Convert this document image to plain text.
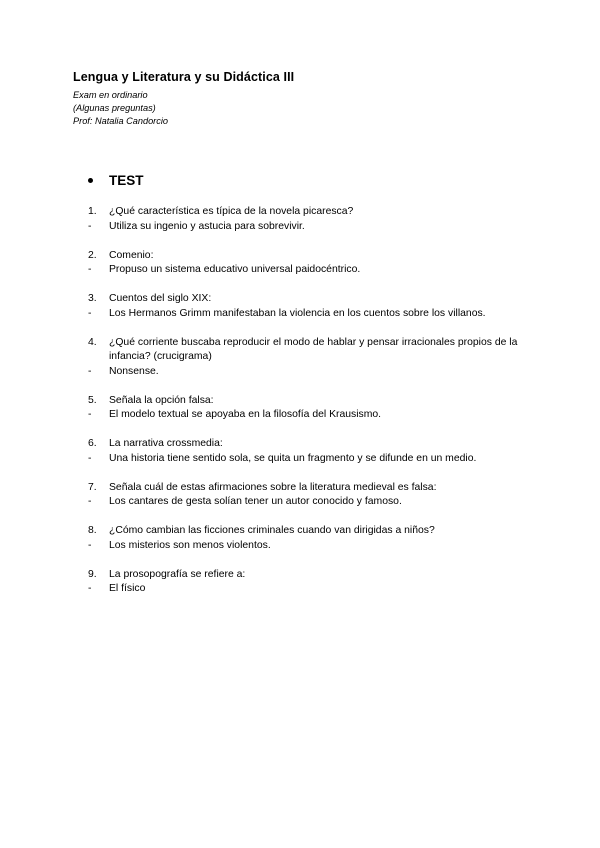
Lengua y Literatura y su Didáctica III
Exam en ordinario
(Algunas preguntas)
Prof: Natalia Candorcio
TEST
1. ¿Qué característica es típica de la novela picaresca?
- Utiliza su ingenio y astucia para sobrevivir.
2. Comenio:
- Propuso un sistema educativo universal paidocéntrico.
3. Cuentos del siglo XIX:
- Los Hermanos Grimm manifestaban la violencia en los cuentos sobre los villanos.
4. ¿Qué corriente buscaba reproducir el modo de hablar y pensar irracionales propios de la infancia? (crucigrama)
- Nonsense.
5. Señala la opción falsa:
- El modelo textual se apoyaba en la filosofía del Krausismo.
6. La narrativa crossmedia:
- Una historia tiene sentido sola, se quita un fragmento y se difunde en un medio.
7. Señala cuál de estas afirmaciones sobre la literatura medieval es falsa:
- Los cantares de gesta solían tener un autor conocido y famoso.
8. ¿Cómo cambian las ficciones criminales cuando van dirigidas a niños?
- Los misterios son menos violentos.
9. La prosopografía se refiere a:
- El físico
